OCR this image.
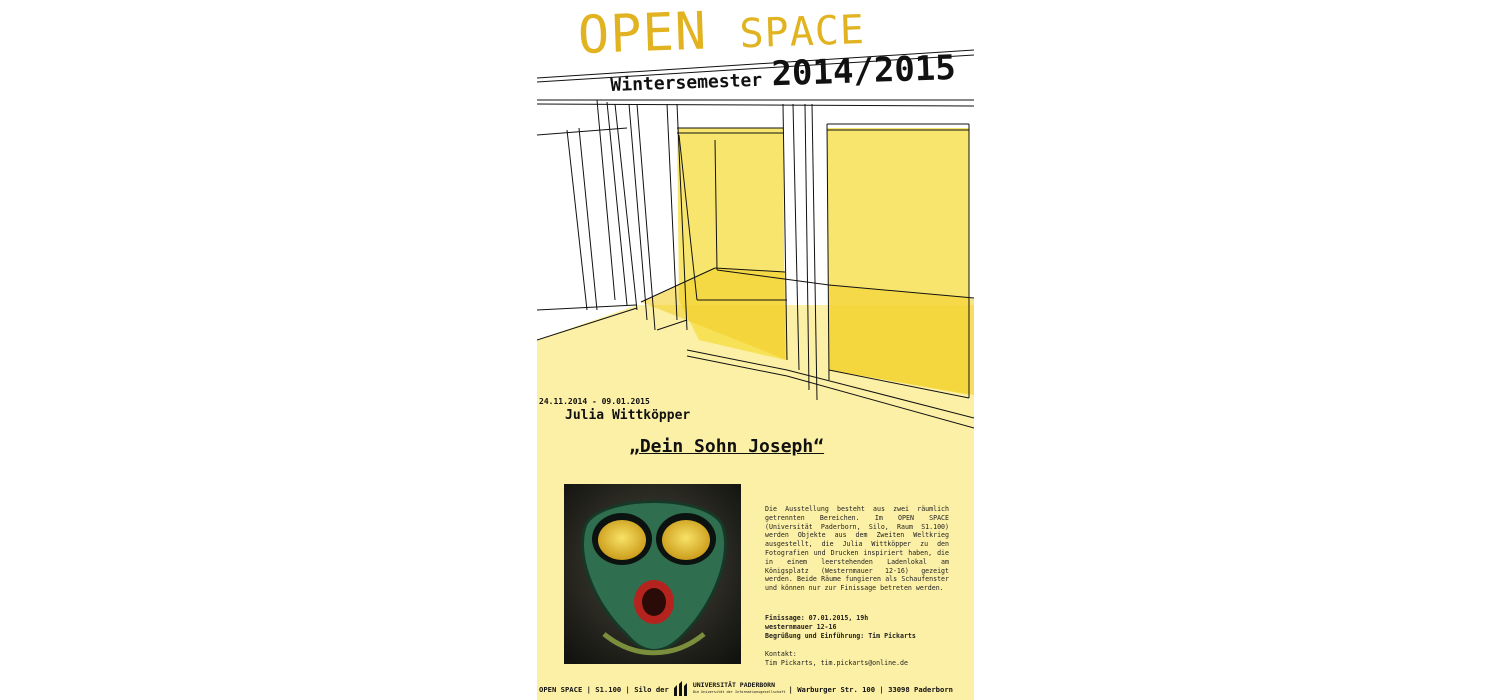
OPEN SPACE
Wintersemester 2014/2015
24.11.2014 - 09.01.2015
Julia Wittköpper
„Dein Sohn Joseph“
Die Ausstellung besteht aus zwei räumlich getrennten Bereichen. Im OPEN SPACE (Universität Paderborn, Silo, Raum S1.100) werden Objekte aus dem Zweiten Weltkrieg ausgestellt, die Julia Wittköpper zu den Fotografien und Drucken inspiriert haben, die in einem leerstehenden Ladenlokal am Königsplatz (Westernmauer 12-16) gezeigt werden. Beide Räume fungieren als Schaufenster und können nur zur Finissage betreten werden.
Finissage: 07.01.2015, 19h
westernmauer 12-16
Begrüßung und Einführung: Tim Pickarts
Kontakt:
Tim Pickarts, tim.pickarts@online.de
OPEN SPACE | S1.100 | Silo der	UNIVERSITÄT PADERBORN
Die Universität der Informationsgesellschaft | Warburger Str. 100 | 33098 Paderborn
